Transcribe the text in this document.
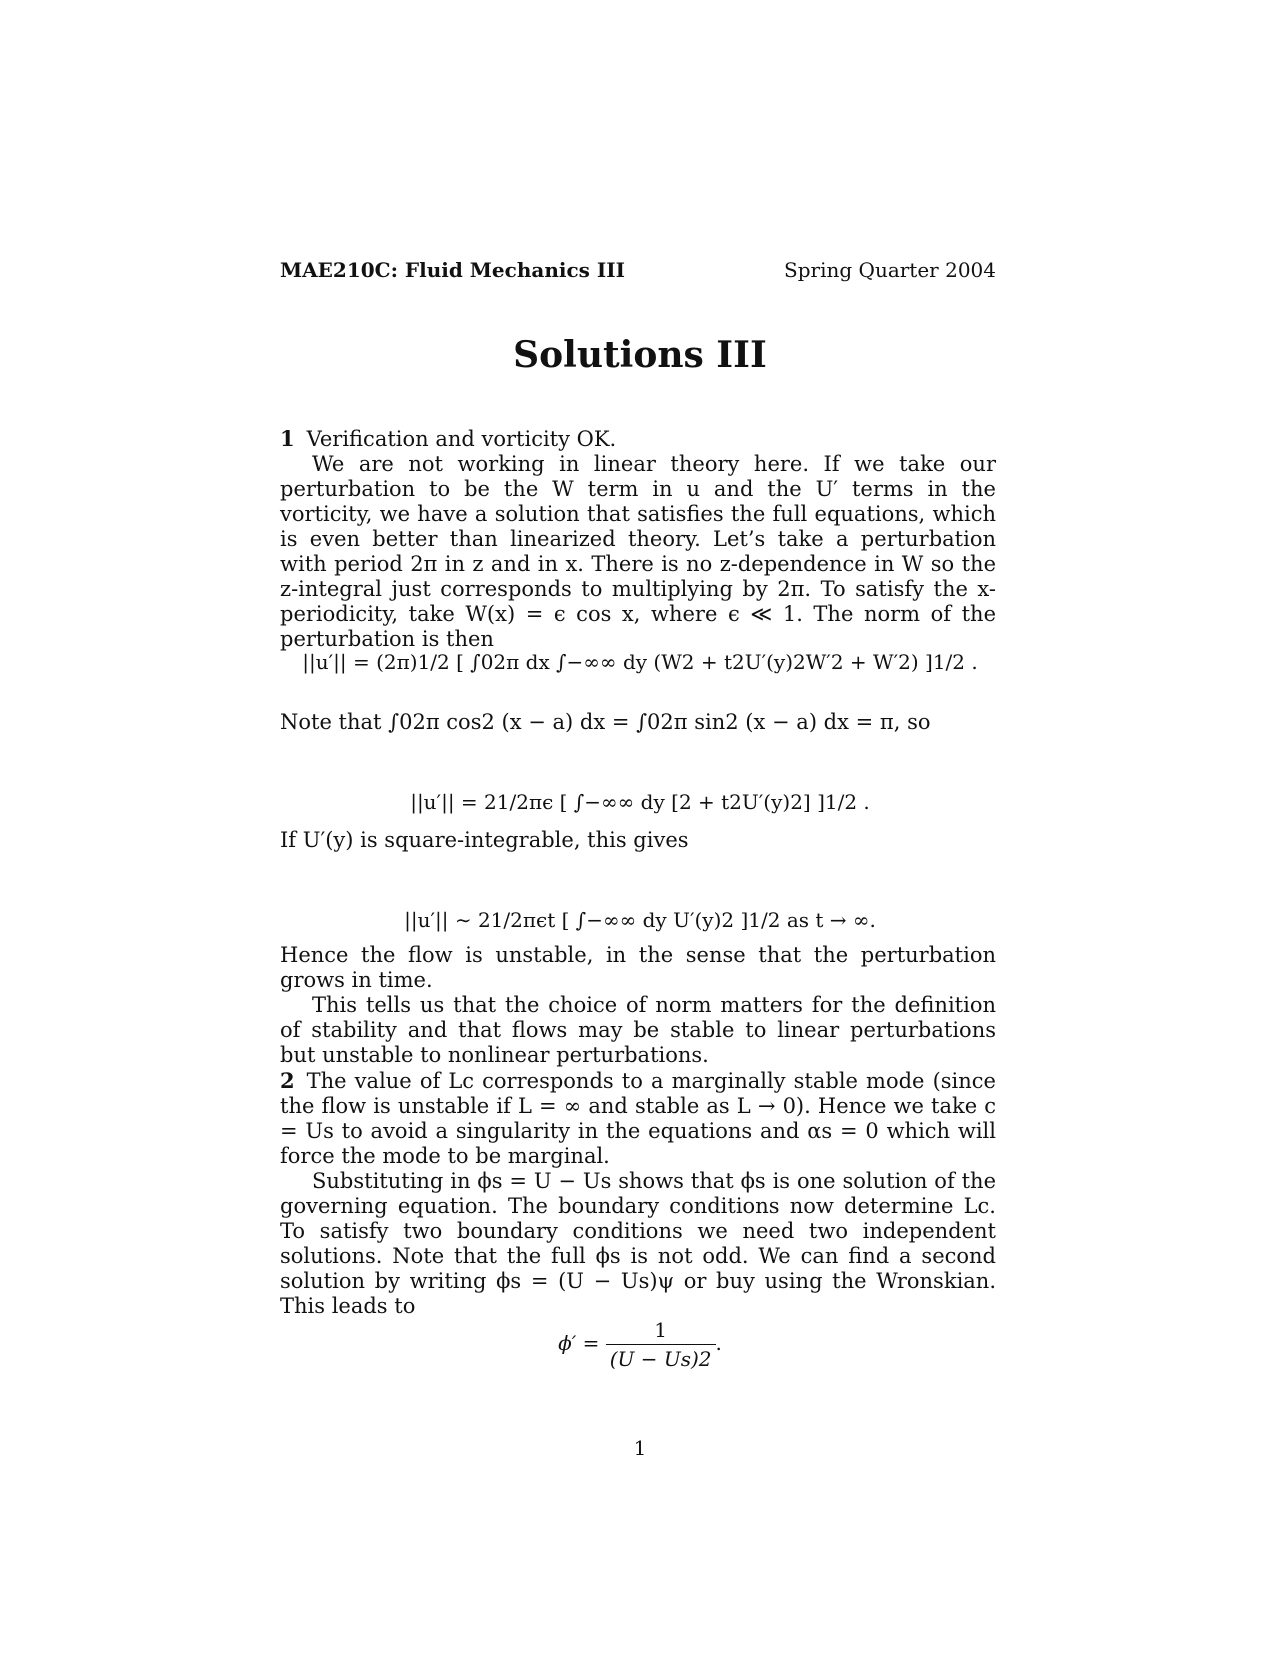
MAE210C: Fluid Mechanics III	Spring Quarter 2004
Solutions III

1 Verification and vorticity OK.

We are not working in linear theory here. If we take our perturbation to be the W term in u and the U′ terms in the vorticity, we have a solution that satisfies the full equations, which is even better than linearized theory. Let’s take a perturbation with period 2π in z and in x. There is no z-dependence in W so the z-integral just corresponds to multiplying by 2π. To satisfy the x-periodicity, take W(x) = ϵ cos x, where ϵ ≪ 1. The norm of the perturbation is then

||u′|| = (2π)1/2 [ ∫02π dx ∫−∞∞ dy (W2 + t2U′(y)2W′2 + W′2) ]1/2 .
Note that ∫02π cos2 (x − a) dx = ∫02π sin2 (x − a) dx = π, so
||u′|| = 21/2πϵ [ ∫−∞∞ dy [2 + t2U′(y)2] ]1/2 .
If U′(y) is square-integrable, this gives
||u′|| ∼ 21/2πϵt [ ∫−∞∞ dy U′(y)2 ]1/2 as t → ∞.

Hence the flow is unstable, in the sense that the perturbation grows in time.

This tells us that the choice of norm matters for the definition of stability and that flows may be stable to linear perturbations but unstable to nonlinear perturbations.

2 The value of Lc corresponds to a marginally stable mode (since the flow is unstable if L = ∞ and stable as L → 0). Hence we take c = Us to avoid a singularity in the equations and αs = 0 which will force the mode to be marginal.

Substituting in ϕs = U − Us shows that ϕs is one solution of the governing equation. The boundary conditions now determine Lc. To satisfy two boundary conditions we need two independent solutions. Note that the full ϕs is not odd. We can find a second solution by writing ϕs = (U − Us)ψ or buy using the Wronskian. This leads to

$\phi' = \frac{1}{(U - Us)2}$ .
1
